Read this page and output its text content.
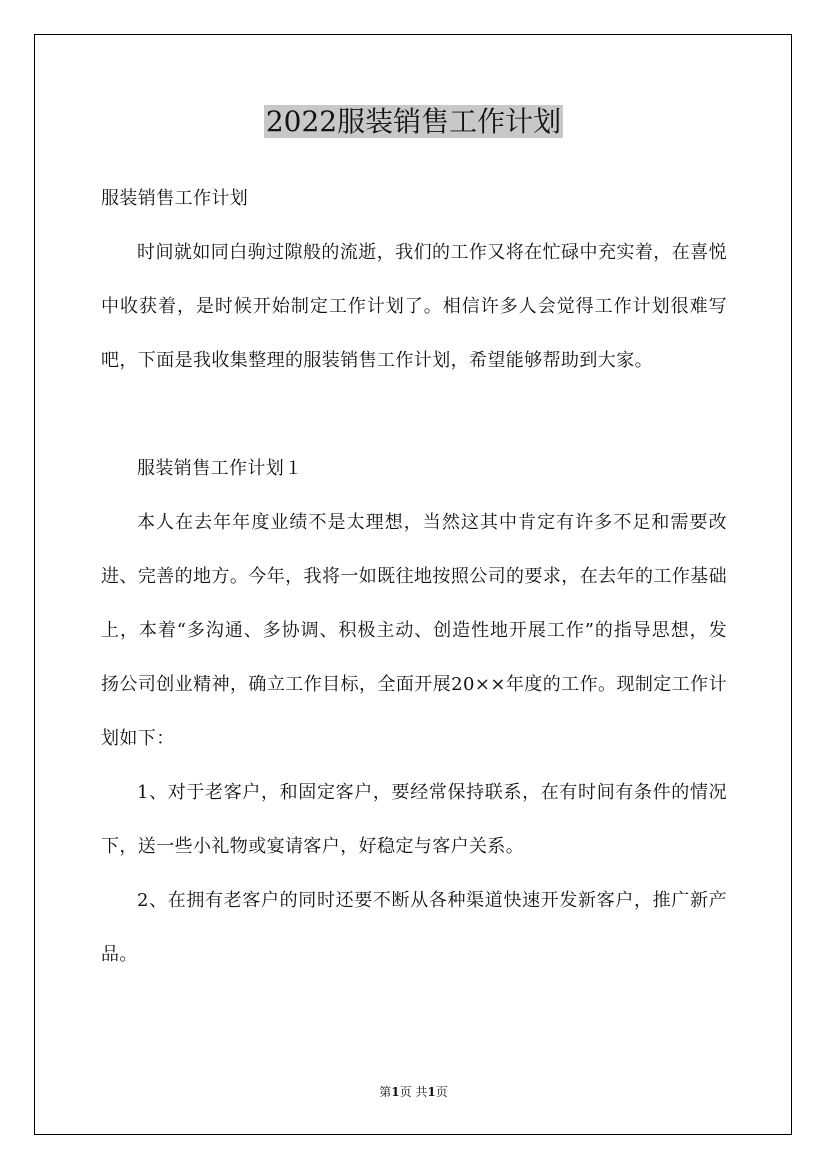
2022服装销售工作计划

服装销售工作计划

时间就如同白驹过隙般的流逝，我们的工作又将在忙碌中充实着，在喜悦中收获着，是时候开始制定工作计划了。相信许多人会觉得工作计划很难写吧，下面是我收集整理的服装销售工作计划，希望能够帮助到大家。

服装销售工作计划１

本人在去年年度业绩不是太理想，当然这其中肯定有许多不足和需要改进、完善的地方。今年，我将一如既往地按照公司的要求，在去年的工作基础上，本着“多沟通、多协调、积极主动、创造性地开展工作”的指导思想，发扬公司创业精神，确立工作目标，全面开展20××年度的工作。现制定工作计划如下：

1、对于老客户，和固定客户，要经常保持联系，在有时间有条件的情况下，送一些小礼物或宴请客户，好稳定与客户关系。

2、在拥有老客户的同时还要不断从各种渠道快速开发新客户，推广新产品。

第1页 共1页
